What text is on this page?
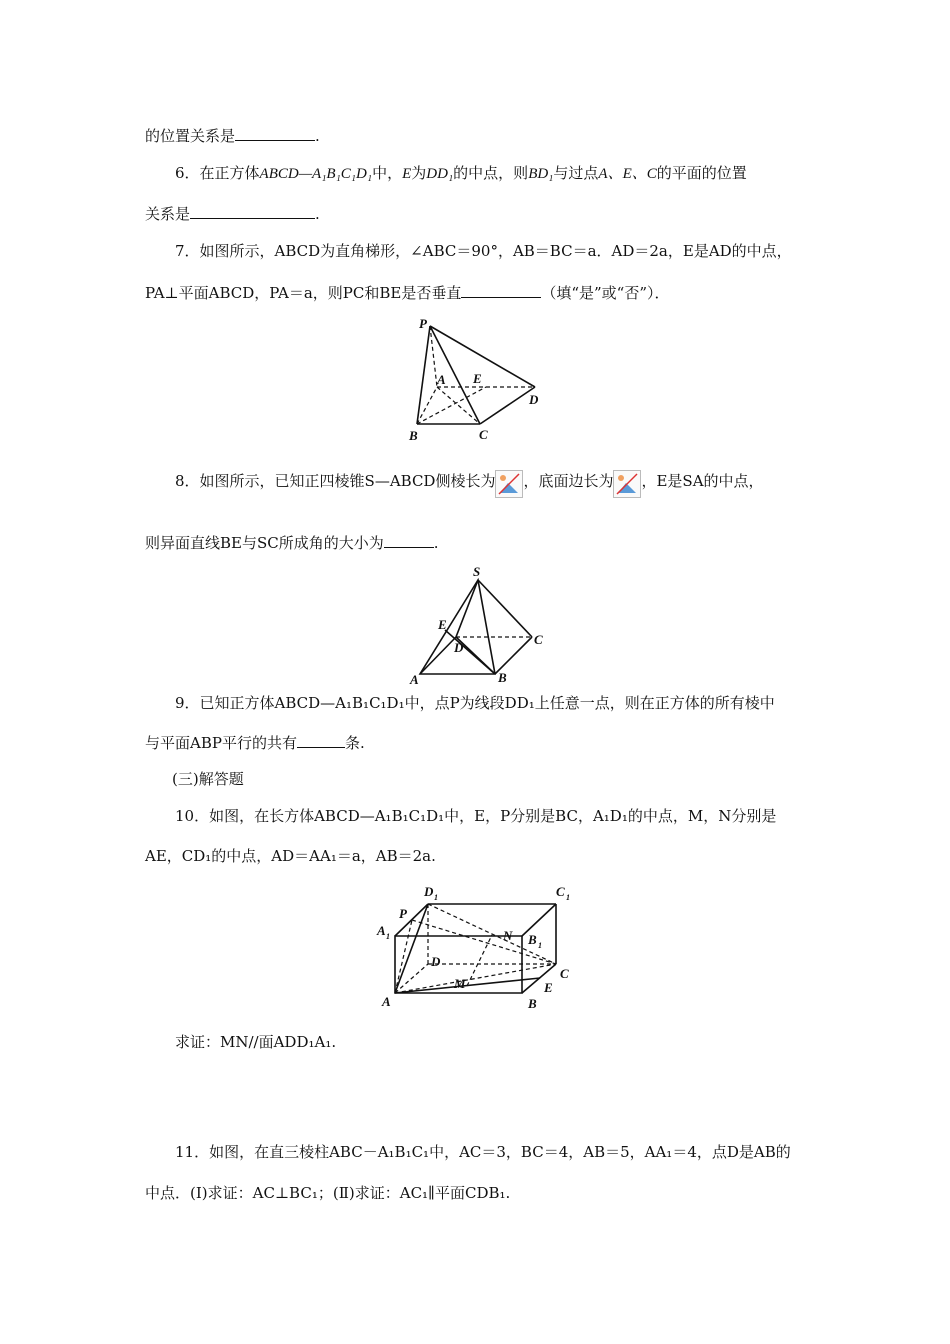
的位置关系是	.
6．在正方体ABCD—A₁B₁C₁D₁中，E为DD₁的中点，则BD₁与过点A、E、C的平面的位置
关系是	.
7．如图所示，ABCD为直角梯形，∠ABC＝90°，AB＝BC＝a．AD＝2a，E是AD的中点，
PA⊥平面ABCD，PA＝a，则PC和BE是否垂直	（填“是”或“否”）．
P
A E
D
B	C
8．如图所示，已知正四棱锥S—ABCD侧棱长为 ，底面边长为 ，E是SA的中点，
则异面直线BE与SC所成角的大小为	.
S
E
C
D
A	B
9．已知正方体ABCD—A₁B₁C₁D₁中，点P为线段DD₁上任意一点，则在正方体的所有棱中
与平面ABP平行的共有	条.
(三)解答题
10．如图，在长方体ABCD—A₁B₁C₁D₁中，E，P分别是BC，A₁D₁的中点，M，N分别是
AE，CD₁的中点，AD＝AA₁＝a，AB＝2a.
D 1	C 1
A 1
P
N B 1
D
C
M	E
A	B
求证：MN//面ADD₁A₁.
11．如图，在直三棱柱ABC－A₁B₁C₁中，AC＝3，BC＝4，AB＝5，AA₁＝4，点D是AB的
中点．(Ⅰ)求证：AC⊥BC₁；(Ⅱ)求证：AC₁∥平面CDB₁.
